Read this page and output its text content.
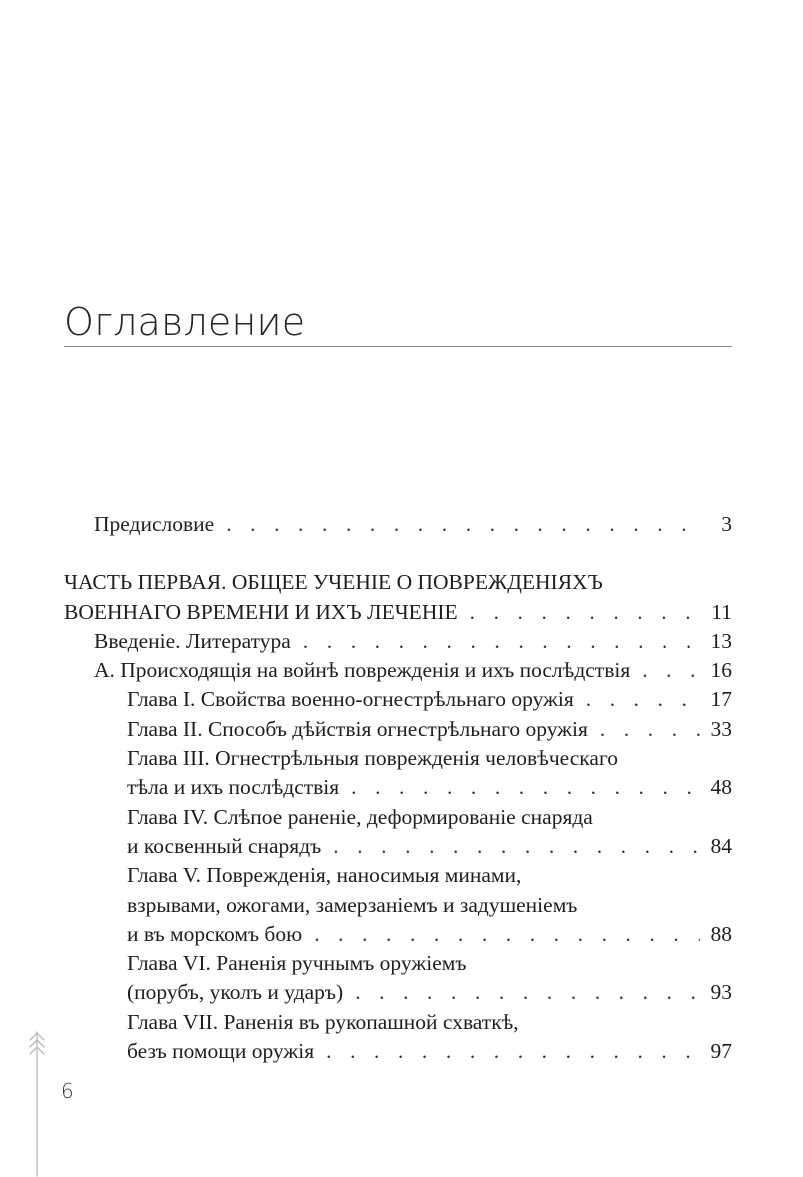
Оглавление
Предисловие . . .	3
ЧАСТЬ ПЕРВАЯ. ОБЩЕЕ УЧЕНІЕ О ПОВРЕЖДЕНІЯХЪ
ВОЕННАГО ВРЕМЕНИ И ИХЪ ЛЕЧЕНІЕ . . .	11
Введеніе. Литература . . .	13
А. Происходящія на войнѣ поврежденія и ихъ послѣдствія . . .	16
Глава I. Свойства военно-огнестрѣльнаго оружія . . .	17
Глава II. Способъ дѣйствія огнестрѣльнаго оружія . . .	33
Глава III. Огнестрѣльныя поврежденія человѣческаго
тѣла и ихъ послѣдствія . . .	48
Глава IV. Слѣпое раненіе, деформированіе снаряда
и косвенный снарядъ . . .	84
Глава V. Поврежденія, наносимыя минами,
взрывами, ожогами, замерзаніемъ и задушеніемъ
и въ морскомъ бою . . .	88
Глава VI. Раненія ручнымъ оружіемъ
(порубъ, уколъ и ударъ) . . .	93
Глава VII. Раненія въ рукопашной схваткѣ,
безъ помощи оружія . . .	97
6
